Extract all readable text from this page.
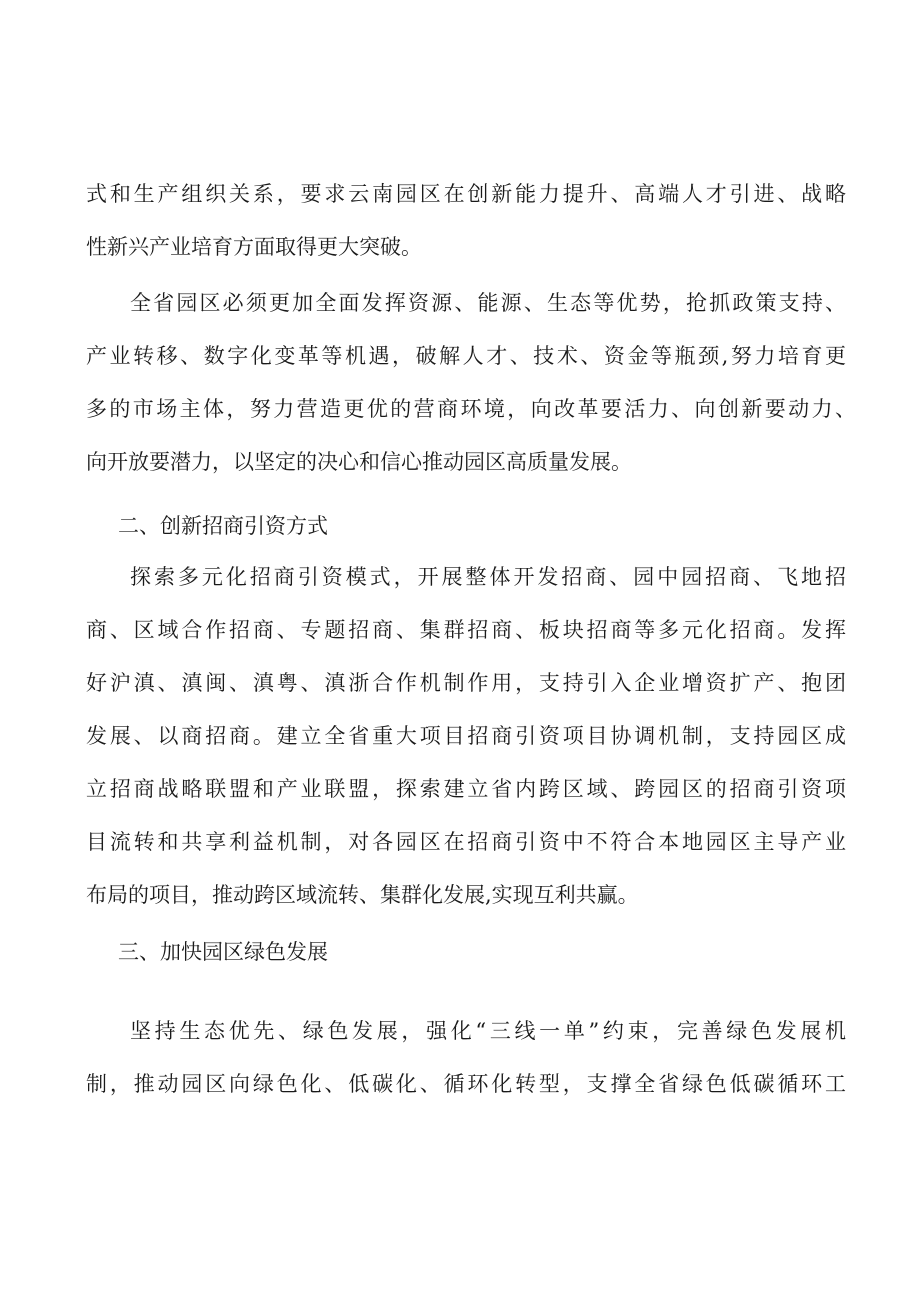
式和生产组织关系，要求云南园区在创新能力提升、高端人才引进、战略
性新兴产业培育方面取得更大突破。
全省园区必须更加全面发挥资源、能源、生态等优势，抢抓政策支持、
产业转移、数字化变革等机遇，破解人才、技术、资金等瓶颈,努力培育更
多的市场主体，努力营造更优的营商环境，向改革要活力、向创新要动力、
向开放要潜力，以坚定的决心和信心推动园区高质量发展。
二、创新招商引资方式
探索多元化招商引资模式，开展整体开发招商、园中园招商、飞地招
商、区域合作招商、专题招商、集群招商、板块招商等多元化招商。发挥
好沪滇、滇闽、滇粤、滇浙合作机制作用，支持引入企业增资扩产、抱团
发展、以商招商。建立全省重大项目招商引资项目协调机制，支持园区成
立招商战略联盟和产业联盟，探索建立省内跨区域、跨园区的招商引资项
目流转和共享利益机制，对各园区在招商引资中不符合本地园区主导产业
布局的项目，推动跨区域流转、集群化发展,实现互利共赢。
三、加快园区绿色发展
坚持生态优先、绿色发展，强化“三线一单”约束，完善绿色发展机
制，推动园区向绿色化、低碳化、循环化转型，支撑全省绿色低碳循环工
